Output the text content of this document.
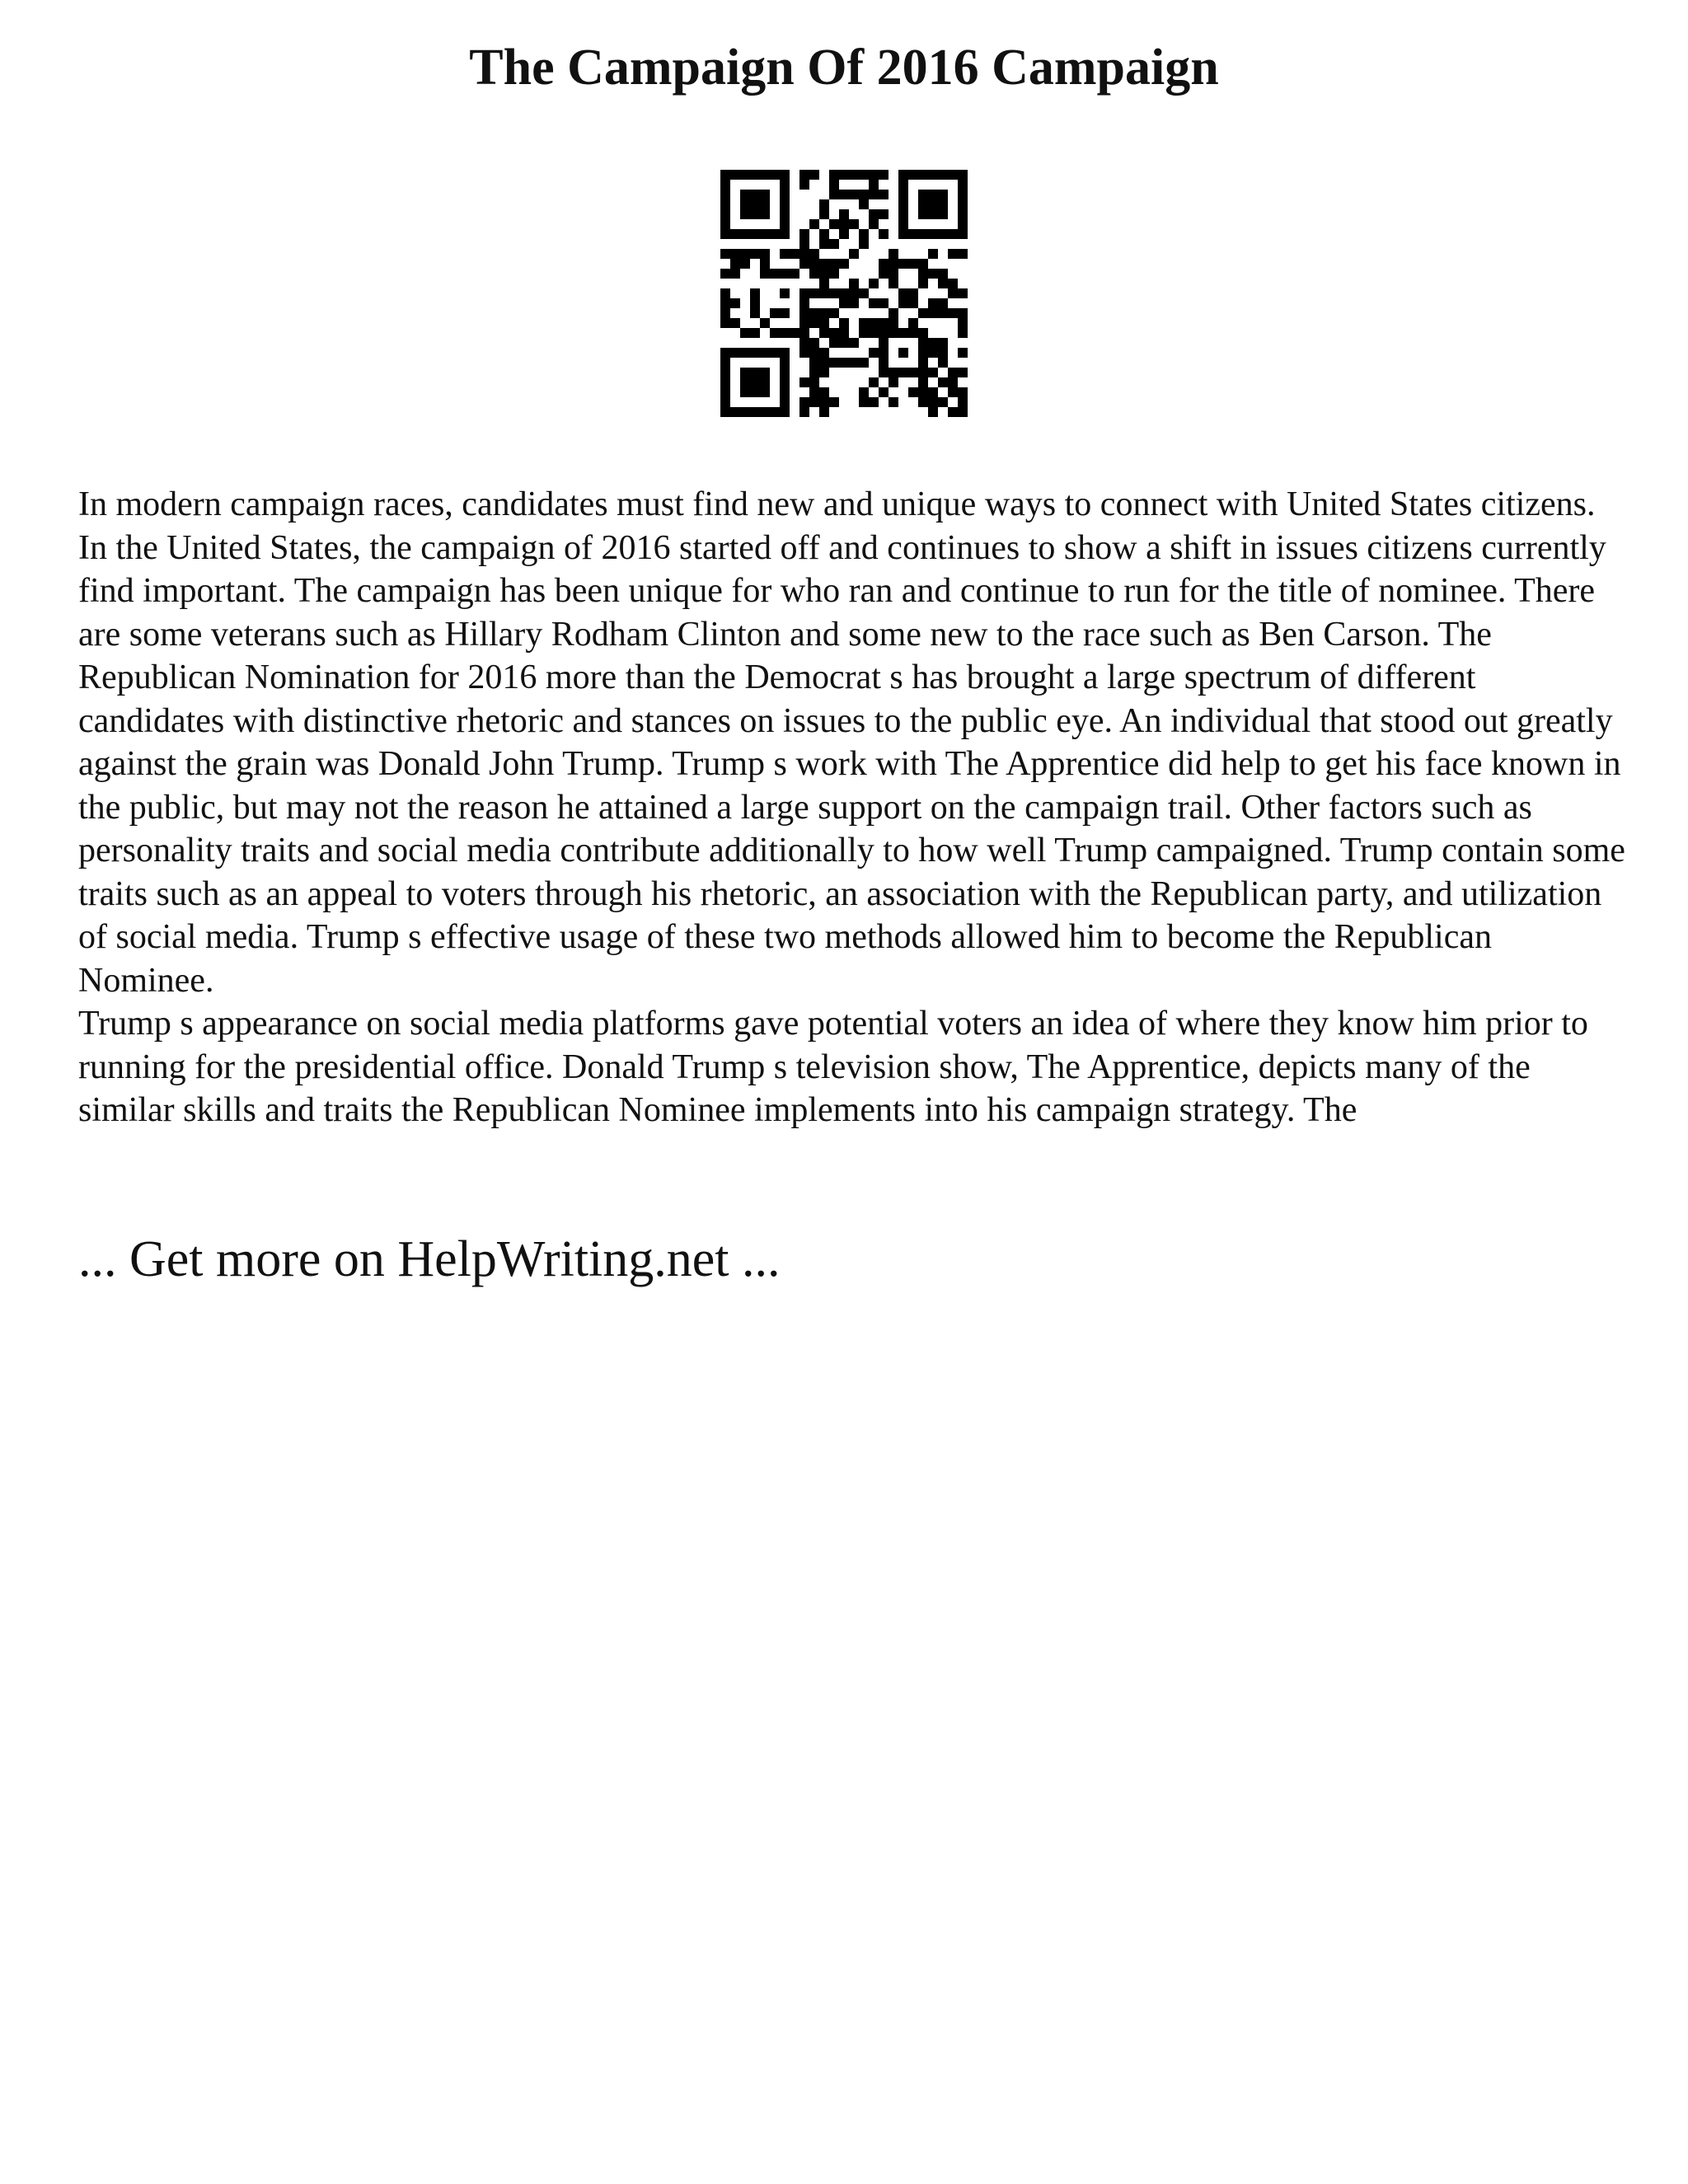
The Campaign Of 2016 Campaign

In modern campaign races, candidates must find new and unique ways to connect with United States citizens. In the United States, the campaign of 2016 started off and continues to show a shift in issues citizens currently find important. The campaign has been unique for who ran and continue to run for the title of nominee. There are some veterans such as Hillary Rodham Clinton and some new to the race such as Ben Carson. The Republican Nomination for 2016 more than the Democrat s has brought a large spectrum of different candidates with distinctive rhetoric and stances on issues to the public eye. An individual that stood out greatly against the grain was Donald John Trump. Trump s work with The Apprentice did help to get his face known in the public, but may not the reason he attained a large support on the campaign trail. Other factors such as personality traits and social media contribute additionally to how well Trump campaigned. Trump contain some traits such as an appeal to voters through his rhetoric, an association with the Republican party, and utilization of social media. Trump s effective usage of these two methods allowed him to become the Republican Nominee.

Trump s appearance on social media platforms gave potential voters an idea of where they know him prior to running for the presidential office. Donald Trump s television show, The Apprentice, depicts many of the similar skills and traits the Republican Nominee implements into his campaign strategy. The

... Get more on HelpWriting.net ...
